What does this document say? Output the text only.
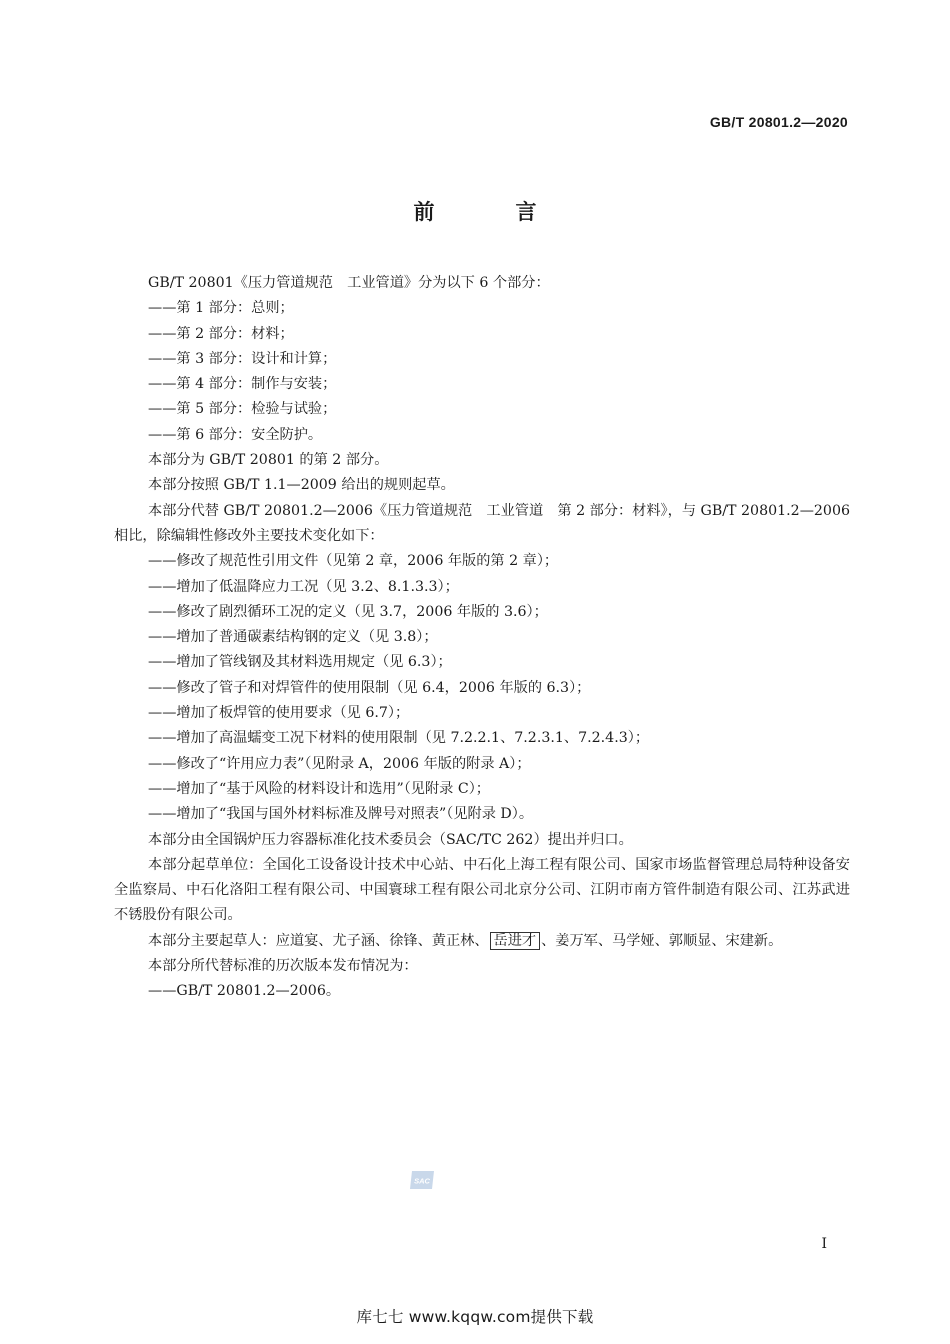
GB/T 20801.2—2020
前　言

GB/T 20801《压力管道规范　工业管道》分为以下 6 个部分：

——第 1 部分：总则；

——第 2 部分：材料；

——第 3 部分：设计和计算；

——第 4 部分：制作与安装；

——第 5 部分：检验与试验；

——第 6 部分：安全防护。

本部分为 GB/T 20801 的第 2 部分。

本部分按照 GB/T 1.1—2009 给出的规则起草。

本部分代替 GB/T 20801.2—2006《压力管道规范　工业管道　第 2 部分：材料》，与 GB/T 20801.2—2006 相比，除编辑性修改外主要技术变化如下：

——修改了规范性引用文件（见第 2 章，2006 年版的第 2 章）；

——增加了低温降应力工况（见 3.2、8.1.3.3）；

——修改了剧烈循环工况的定义（见 3.7，2006 年版的 3.6）；

——增加了普通碳素结构钢的定义（见 3.8）；

——增加了管线钢及其材料选用规定（见 6.3）；

——修改了管子和对焊管件的使用限制（见 6.4，2006 年版的 6.3）；

——增加了板焊管的使用要求（见 6.7）；

——增加了高温蠕变工况下材料的使用限制（见 7.2.2.1、7.2.3.1、7.2.4.3）；

——修改了“许用应力表”（见附录 A，2006 年版的附录 A）；

——增加了“基于风险的材料设计和选用”（见附录 C）；

——增加了“我国与国外材料标准及牌号对照表”（见附录 D）。

本部分由全国锅炉压力容器标准化技术委员会（SAC/TC 262）提出并归口。

本部分起草单位：全国化工设备设计技术中心站、中石化上海工程有限公司、国家市场监督管理总局特种设备安全监察局、中石化洛阳工程有限公司、中国寰球工程有限公司北京分公司、江阴市南方管件制造有限公司、江苏武进不锈股份有限公司。

本部分主要起草人：应道宴、尤子涵、徐锋、黄正林、 岳进才 、姜万军、马学娅、郭顺显、宋建新。

本部分所代替标准的历次版本发布情况为：

——GB/T 20801.2—2006。

SAC
I
库七七 www.kqqw.com提供下载
